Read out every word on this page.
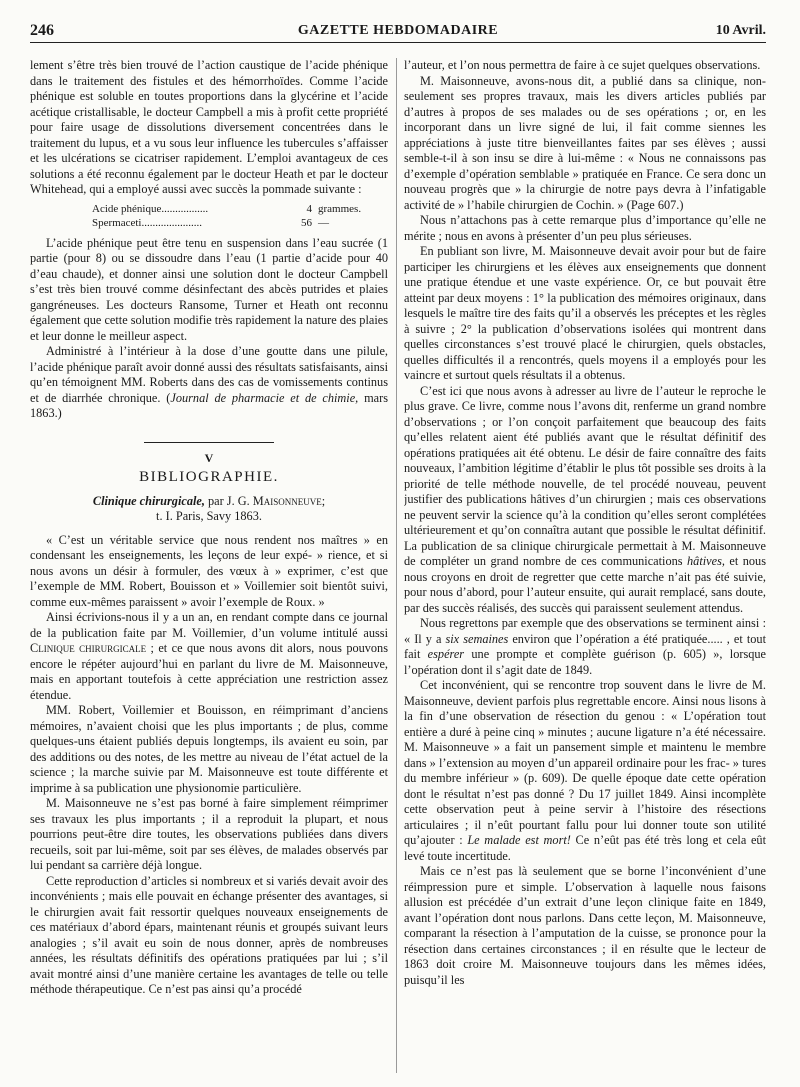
246	GAZETTE HEBDOMADAIRE	10 Avril.

lement s’être très bien trouvé de l’action caustique de l’acide phénique dans le traitement des fistules et des hémorrhoïdes. Comme l’acide phénique est soluble en toutes proportions dans la glycérine et l’acide acétique cristallisable, le docteur Campbell a mis à profit cette propriété pour faire usage de dissolutions diversement concentrées dans le traitement du lupus, et a vu sous leur influence les tubercules s’affaisser et les ulcérations se cicatriser rapidement. L’emploi avantageux de ces solutions a été reconnu également par le docteur Heath et par le docteur Whitehead, qui a employé aussi avec succès la pommade suivante :

Acide phénique.................	4 grammes.
Spermaceti......................	56 —

L’acide phénique peut être tenu en suspension dans l’eau sucrée (1 partie (pour 8) ou se dissoudre dans l’eau (1 partie d’acide pour 40 d’eau chaude), et donner ainsi une solution dont le docteur Campbell s’est très bien trouvé comme désinfectant des abcès putrides et plaies gangréneuses. Les docteurs Ransome, Turner et Heath ont reconnu également que cette solution modifie très rapidement la nature des plaies et leur donne le meilleur aspect.

Administré à l’intérieur à la dose d’une goutte dans une pilule, l’acide phénique paraît avoir donné aussi des résultats satisfaisants, ainsi qu’en témoignent MM. Roberts dans des cas de vomissements continus et de diarrhée chronique. (Journal de pharmacie et de chimie, mars 1863.)

V
BIBLIOGRAPHIE.
Clinique chirurgicale, par J. G. Maisonneuve;
t. I. Paris, Savy 1863.

« C’est un véritable service que nous rendent nos maîtres » en condensant les enseignements, les leçons de leur expé- » rience, et si nous avons un désir à formuler, des vœux à » exprimer, c’est que l’exemple de MM. Robert, Bouisson et » Voillemier soit bientôt suivi, comme eux-mêmes paraissent » avoir l’exemple de Roux. »

Ainsi écrivions-nous il y a un an, en rendant compte dans ce journal de la publication faite par M. Voillemier, d’un volume intitulé aussi Clinique chirurgicale ; et ce que nous avons dit alors, nous pouvons encore le répéter aujourd’hui en parlant du livre de M. Maisonneuve, mais en apportant toutefois à cette appréciation une restriction assez étendue.

MM. Robert, Voillemier et Bouisson, en réimprimant d’anciens mémoires, n’avaient choisi que les plus importants ; de plus, comme quelques-uns étaient publiés depuis longtemps, ils avaient eu soin, par des additions ou des notes, de les mettre au niveau de l’état actuel de la science ; la marche suivie par M. Maisonneuve est toute différente et imprime à sa publication une physionomie particulière.

M. Maisonneuve ne s’est pas borné à faire simplement réimprimer ses travaux les plus importants ; il a reproduit la plupart, et nous pourrions peut-être dire toutes, les observations publiées dans divers recueils, soit par lui-même, soit par ses élèves, de malades observés par lui pendant sa carrière déjà longue.

Cette reproduction d’articles si nombreux et si variés devait avoir des inconvénients ; mais elle pouvait en échange présenter des avantages, si le chirurgien avait fait ressortir quelques nouveaux enseignements de ces matériaux d’abord épars, maintenant réunis et groupés suivant leurs analogies ; s’il avait eu soin de nous donner, après de nombreuses années, les résultats définitifs des opérations pratiquées par lui ; s’il avait montré ainsi d’une manière certaine les avantages de telle ou telle méthode thérapeutique. Ce n’est pas ainsi qu’a procédé

l’auteur, et l’on nous permettra de faire à ce sujet quelques observations.

M. Maisonneuve, avons-nous dit, a publié dans sa clinique, non-seulement ses propres travaux, mais les divers articles publiés par d’autres à propos de ses malades ou de ses opérations ; or, en les incorporant dans un livre signé de lui, il fait comme siennes les appréciations à juste titre bienveillantes faites par ses élèves ; aussi semble-t-il à son insu se dire à lui-même : « Nous ne connaissons pas d’exemple d’opération semblable » pratiquée en France. Ce sera donc un nouveau progrès que » la chirurgie de notre pays devra à l’infatigable activité de » l’habile chirurgien de Cochin. » (Page 607.)

Nous n’attachons pas à cette remarque plus d’importance qu’elle ne mérite ; nous en avons à présenter d’un peu plus sérieuses.

En publiant son livre, M. Maisonneuve devait avoir pour but de faire participer les chirurgiens et les élèves aux enseignements que donnent une pratique étendue et une vaste expérience. Or, ce but pouvait être atteint par deux moyens : 1° la publication des mémoires originaux, dans lesquels le maître tire des faits qu’il a observés les préceptes et les règles à suivre ; 2° la publication d’observations isolées qui montrent dans quelles circonstances s’est trouvé placé le chirurgien, quels obstacles, quelles difficultés il a rencontrés, quels moyens il a employés pour les vaincre et surtout quels résultats il a obtenus.

C’est ici que nous avons à adresser au livre de l’auteur le reproche le plus grave. Ce livre, comme nous l’avons dit, renferme un grand nombre d’observations ; or l’on conçoit parfaitement que beaucoup des faits qu’elles relatent aient été publiés avant que le résultat définitif des opérations pratiquées ait été obtenu. Le désir de faire connaître des faits nouveaux, l’ambition légitime d’établir le plus tôt possible ses droits à la priorité de telle méthode nouvelle, de tel procédé nouveau, peuvent justifier des publications hâtives d’un chirurgien ; mais ces observations ne peuvent servir la science qu’à la condition qu’elles seront complétées ultérieurement et qu’on connaîtra autant que possible le résultat définitif. La publication de sa clinique chirurgicale permettait à M. Maisonneuve de compléter un grand nombre de ces communications hâtives, et nous nous croyons en droit de regretter que cette marche n’ait pas été suivie, pour nous d’abord, pour l’auteur ensuite, qui aurait remplacé, sans doute, par des succès réalisés, des succès qui paraissent seulement attendus.

Nous regrettons par exemple que des observations se terminent ainsi : « Il y a six semaines environ que l’opération a été pratiquée..... , et tout fait espérer une prompte et complète guérison (p. 605) », lorsque l’opération dont il s’agit date de 1849.

Cet inconvénient, qui se rencontre trop souvent dans le livre de M. Maisonneuve, devient parfois plus regrettable encore. Ainsi nous lisons à la fin d’une observation de résection du genou : « L’opération tout entière a duré à peine cinq » minutes ; aucune ligature n’a été nécessaire. M. Maisonneuve » a fait un pansement simple et maintenu le membre dans » l’extension au moyen d’un appareil ordinaire pour les frac- » tures du membre inférieur » (p. 609). De quelle époque date cette opération dont le résultat n’est pas donné ? Du 17 juillet 1849. Ainsi incomplète cette observation peut à peine servir à l’histoire des résections articulaires ; il n’eût pourtant fallu pour lui donner toute son utilité qu’ajouter : Le malade est mort! Ce n’eût pas été très long et cela eût levé toute incertitude.

Mais ce n’est pas là seulement que se borne l’inconvénient d’une réimpression pure et simple. L’observation à laquelle nous faisons allusion est précédée d’un extrait d’une leçon clinique faite en 1849, avant l’opération dont nous parlons. Dans cette leçon, M. Maisonneuve, comparant la résection à l’amputation de la cuisse, se prononce pour la résection dans certaines circonstances ; il en résulte que le lecteur de 1863 doit croire M. Maisonneuve toujours dans les mêmes idées, puisqu’il les
